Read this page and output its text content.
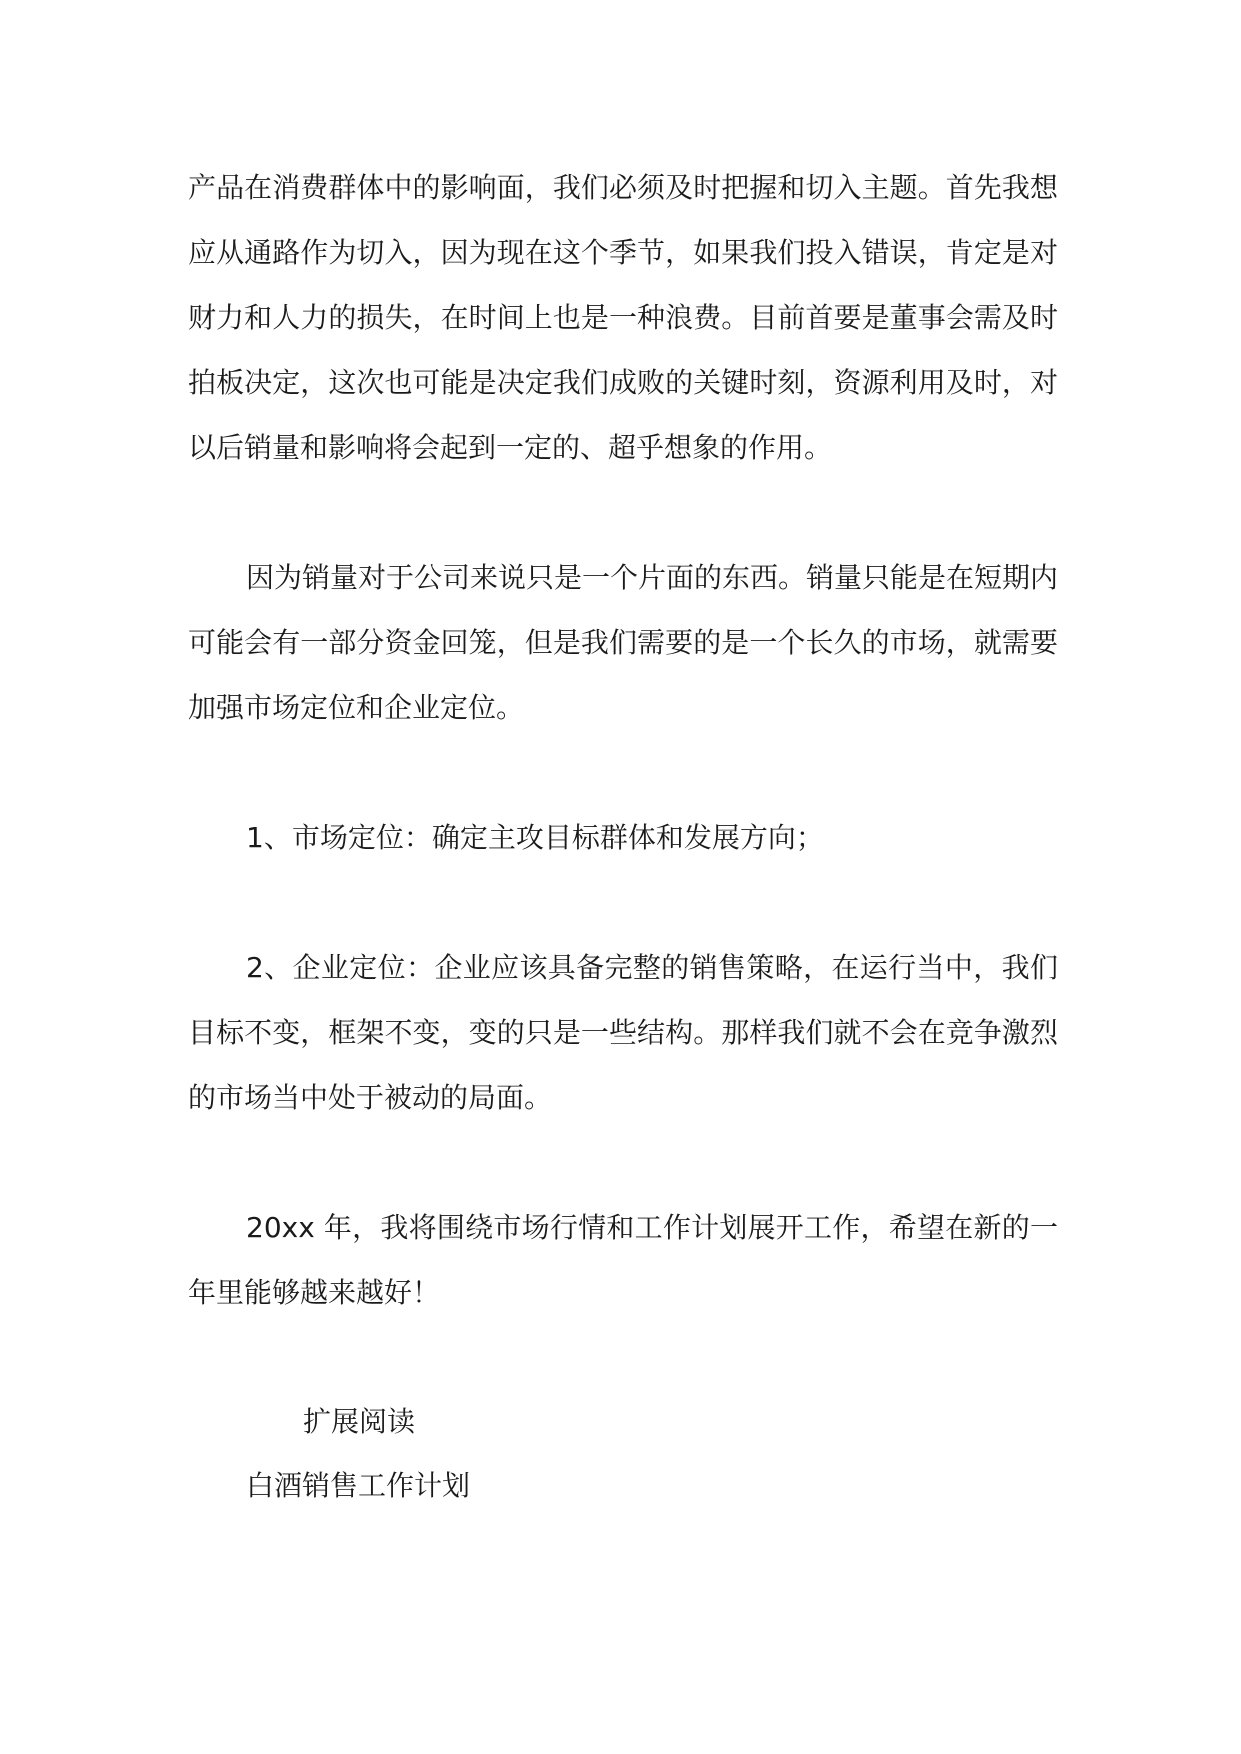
产品在消费群体中的影响面，我们必须及时把握和切入主题。首先我想应从通路作为切入，因为现在这个季节，如果我们投入错误，肯定是对财力和人力的损失，在时间上也是一种浪费。目前首要是董事会需及时拍板决定，这次也可能是决定我们成败的关键时刻，资源利用及时，对以后销量和影响将会起到一定的、超乎想象的作用。

因为销量对于公司来说只是一个片面的东西。销量只能是在短期内可能会有一部分资金回笼，但是我们需要的是一个长久的市场，就需要加强市场定位和企业定位。

1、市场定位：确定主攻目标群体和发展方向；

2、企业定位：企业应该具备完整的销售策略，在运行当中，我们目标不变，框架不变，变的只是一些结构。那样我们就不会在竞争激烈的市场当中处于被动的局面。

20xx 年，我将围绕市场行情和工作计划展开工作，希望在新的一年里能够越来越好！

扩展阅读

白酒销售工作计划
